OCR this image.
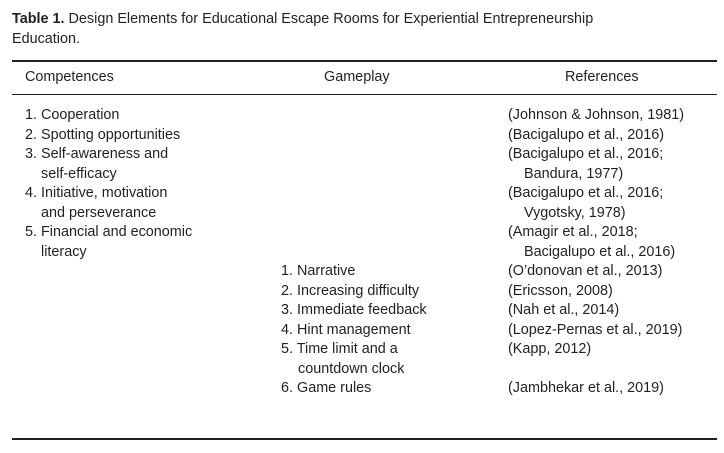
Table 1. Design Elements for Educational Escape Rooms for Experiential Entrepreneurship
Education.
Competences	Gameplay	References
1. Cooperation
2. Spotting opportunities
3. Self-awareness and
self-efficacy
4. Initiative, motivation
and perseverance
5. Financial and economic
literacy
(Johnson & Johnson, 1981)
(Bacigalupo et al., 2016)
(Bacigalupo et al., 2016;
Bandura, 1977)
(Bacigalupo et al., 2016;
Vygotsky, 1978)
(Amagir et al., 2018;
Bacigalupo et al., 2016)
1. Narrative
2. Increasing difficulty
3. Immediate feedback
4. Hint management
5. Time limit and a
countdown clock
6. Game rules
(O’donovan et al., 2013)
(Ericsson, 2008)
(Nah et al., 2014)
(Lopez-Pernas et al., 2019)
(Kapp, 2012)
(Jambhekar et al., 2019)
